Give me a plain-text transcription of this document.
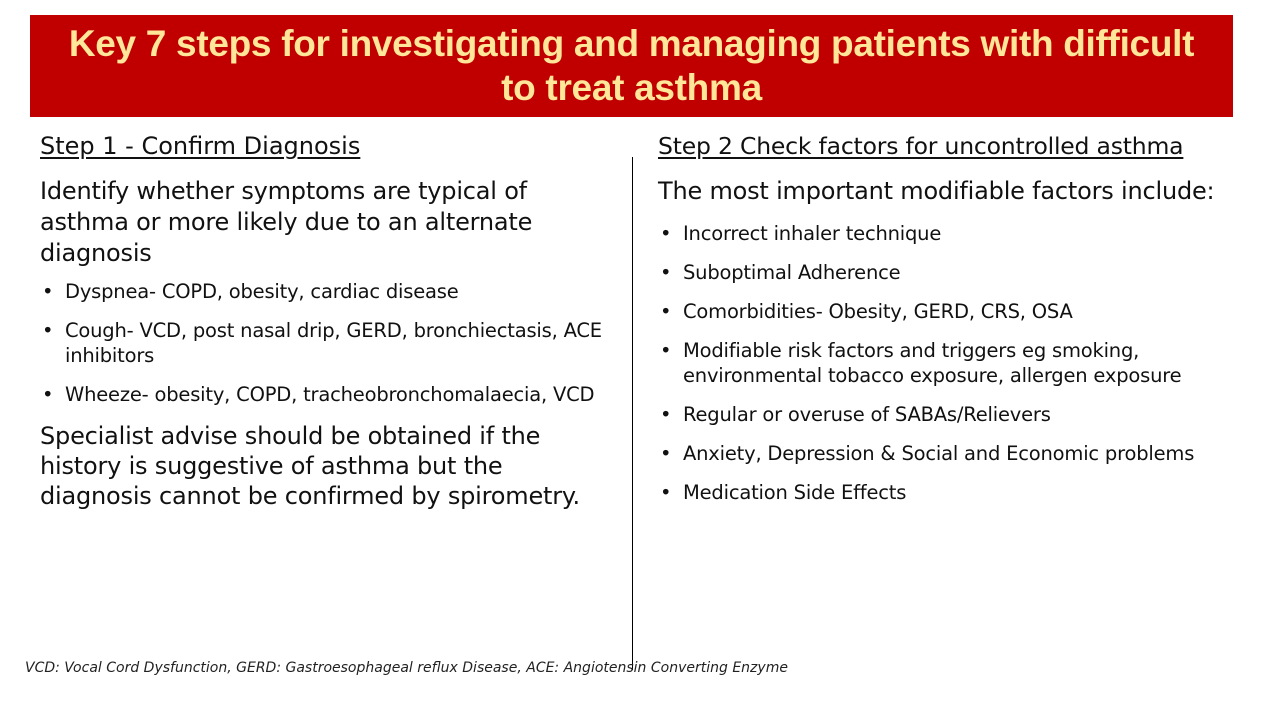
Key 7 steps for investigating and managing patients with difficult to treat asthma
Step 1 - Confirm Diagnosis

Identify whether symptoms are typical of asthma or more likely due to an alternate diagnosis

• Dyspnea- COPD, obesity, cardiac disease
• Cough- VCD, post nasal drip, GERD, bronchiectasis, ACE inhibitors
• Wheeze- obesity, COPD, tracheobronchomalaecia, VCD

Specialist advise should be obtained if the history is suggestive of asthma but the diagnosis cannot be confirmed by spirometry.

Step 2 Check factors for uncontrolled asthma

The most important modifiable factors include:

• Incorrect inhaler technique
• Suboptimal Adherence
• Comorbidities- Obesity, GERD, CRS, OSA
• Modifiable risk factors and triggers eg smoking, environmental tobacco exposure, allergen exposure
• Regular or overuse of SABAs/Relievers
• Anxiety, Depression & Social and Economic problems
• Medication Side Effects
VCD: Vocal Cord Dysfunction, GERD: Gastroesophageal reflux Disease, ACE: Angiotensin Converting Enzyme
